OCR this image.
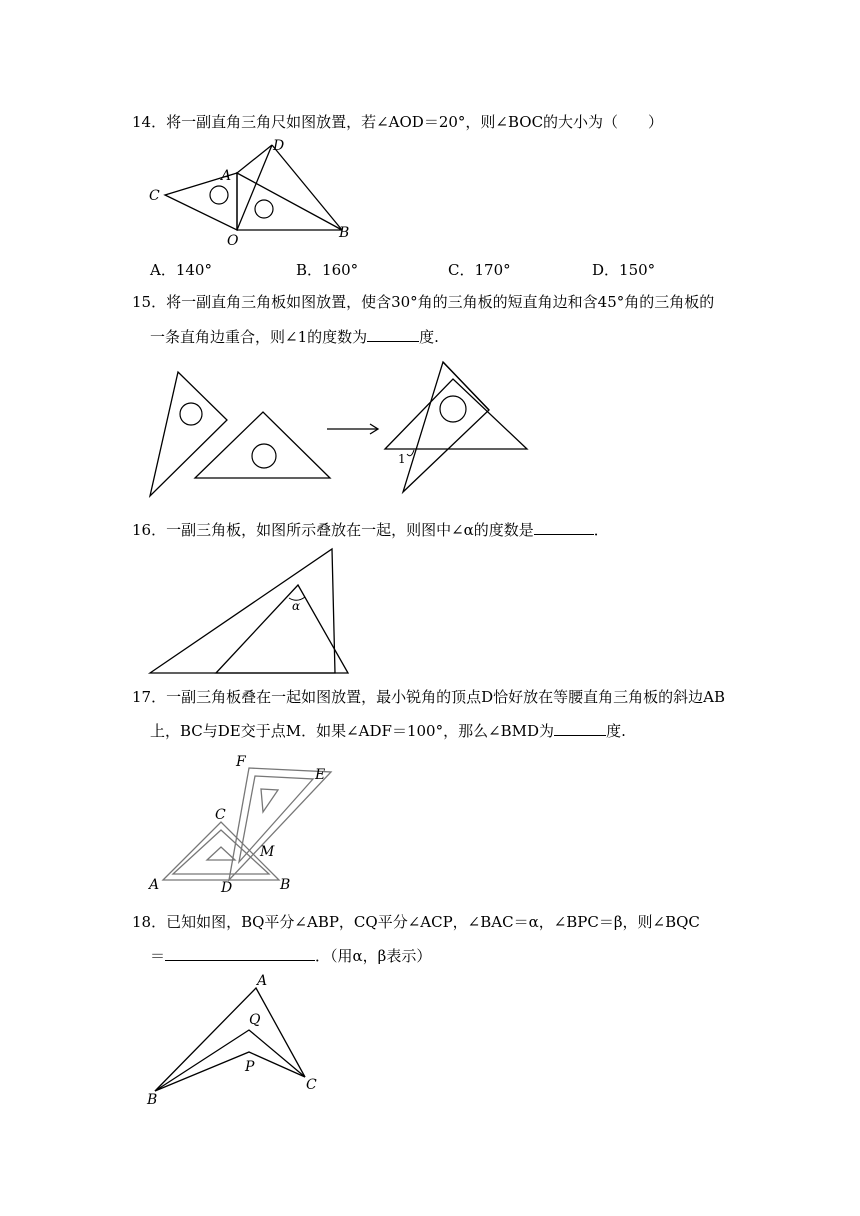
14．将一副直角三角尺如图放置，若∠AOD＝20°，则∠BOC的大小为（　　）
C
A
D
O	B
A．140°	B．160°	C．170°	D．150°
15．将一副直角三角板如图放置，使含30°角的三角板的短直角边和含45°角的三角板的
一条直角边重合，则∠1的度数为	度.
1
16．一副三角板，如图所示叠放在一起，则图中∠α的度数是	．
α
17．一副三角板叠在一起如图放置，最小锐角的顶点D恰好放在等腰直角三角板的斜边AB
上，BC与DE交于点M．如果∠ADF＝100°，那么∠BMD为	度.
F
E
C
M
A	D	B
18．已知如图，BQ平分∠ABP，CQ平分∠ACP，∠BAC＝α，∠BPC＝β，则∠BQC
＝	．（用α，β表示）
A
Q
P
B
C
